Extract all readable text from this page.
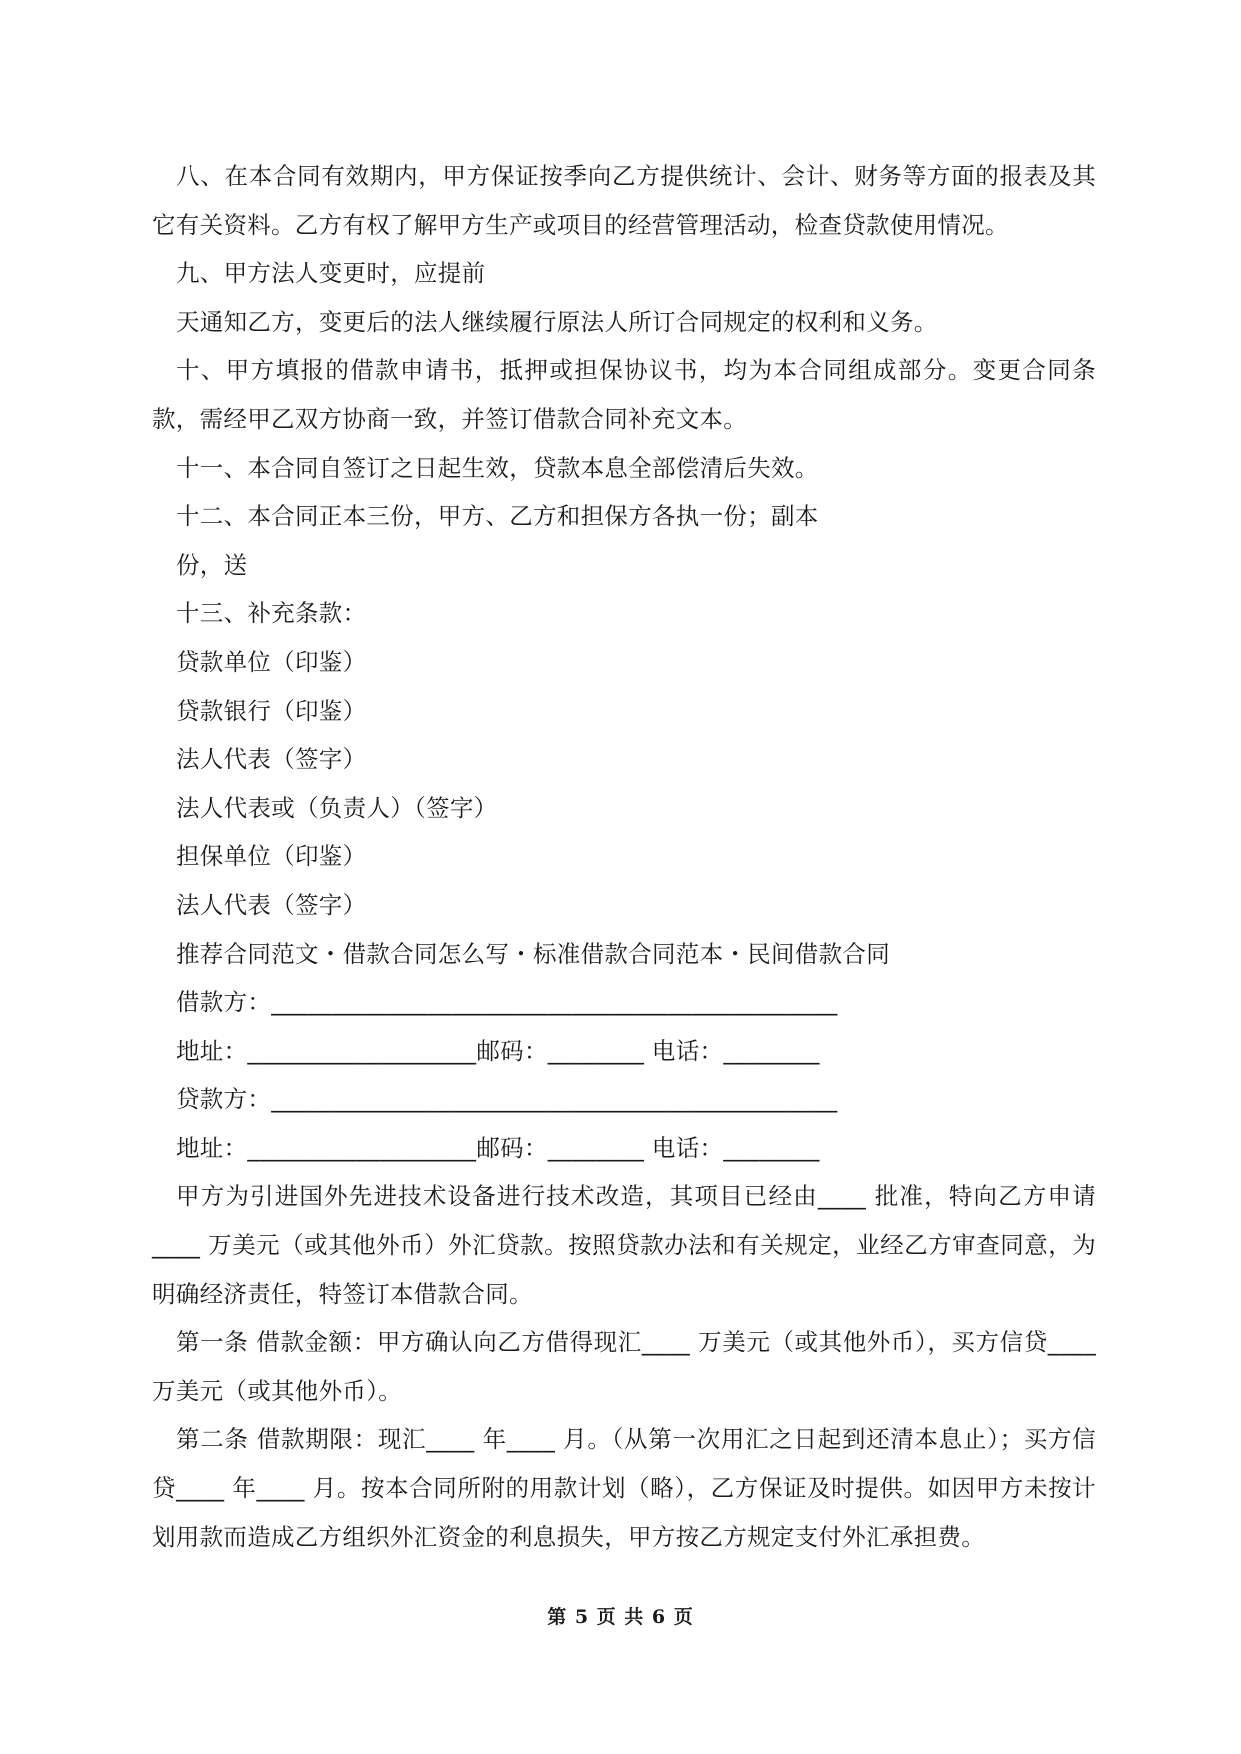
八、在本合同有效期内，甲方保证按季向乙方提供统计、会计、财务等方面的报表及其它有关资料。乙方有权了解甲方生产或项目的经营管理活动，检查贷款使用情况。

九、甲方法人变更时，应提前

天通知乙方，变更后的法人继续履行原法人所订合同规定的权利和义务。

十、甲方填报的借款申请书，抵押或担保协议书，均为本合同组成部分。变更合同条款，需经甲乙双方协商一致，并签订借款合同补充文本。

十一、本合同自签订之日起生效，贷款本息全部偿清后失效。

十二、本合同正本三份，甲方、乙方和担保方各执一份；副本

份，送

十三、补充条款：

贷款单位（印鉴）

贷款银行（印鉴）

法人代表（签字）

法人代表或（负责人）（签字）

担保单位（印鉴）

法人代表（签字）

推荐合同范文・借款合同怎么写・标准借款合同范本・民间借款合同

借款方：_______________________________________________

地址：___________________邮码：________ 电话：________

贷款方：_______________________________________________

地址：___________________邮码：________ 电话：________

甲方为引进国外先进技术设备进行技术改造，其项目已经由____ 批准，特向乙方申请____ 万美元（或其他外币）外汇贷款。按照贷款办法和有关规定，业经乙方审查同意，为明确经济责任，特签订本借款合同。

第一条 借款金额：甲方确认向乙方借得现汇____ 万美元（或其他外币），买方信贷____ 万美元（或其他外币）。

第二条 借款期限：现汇____ 年____ 月。（从第一次用汇之日起到还清本息止）；买方信贷____ 年____ 月。按本合同所附的用款计划（略），乙方保证及时提供。如因甲方未按计划用款而造成乙方组织外汇资金的利息损失，甲方按乙方规定支付外汇承担费。

第 5 页 共 6 页
